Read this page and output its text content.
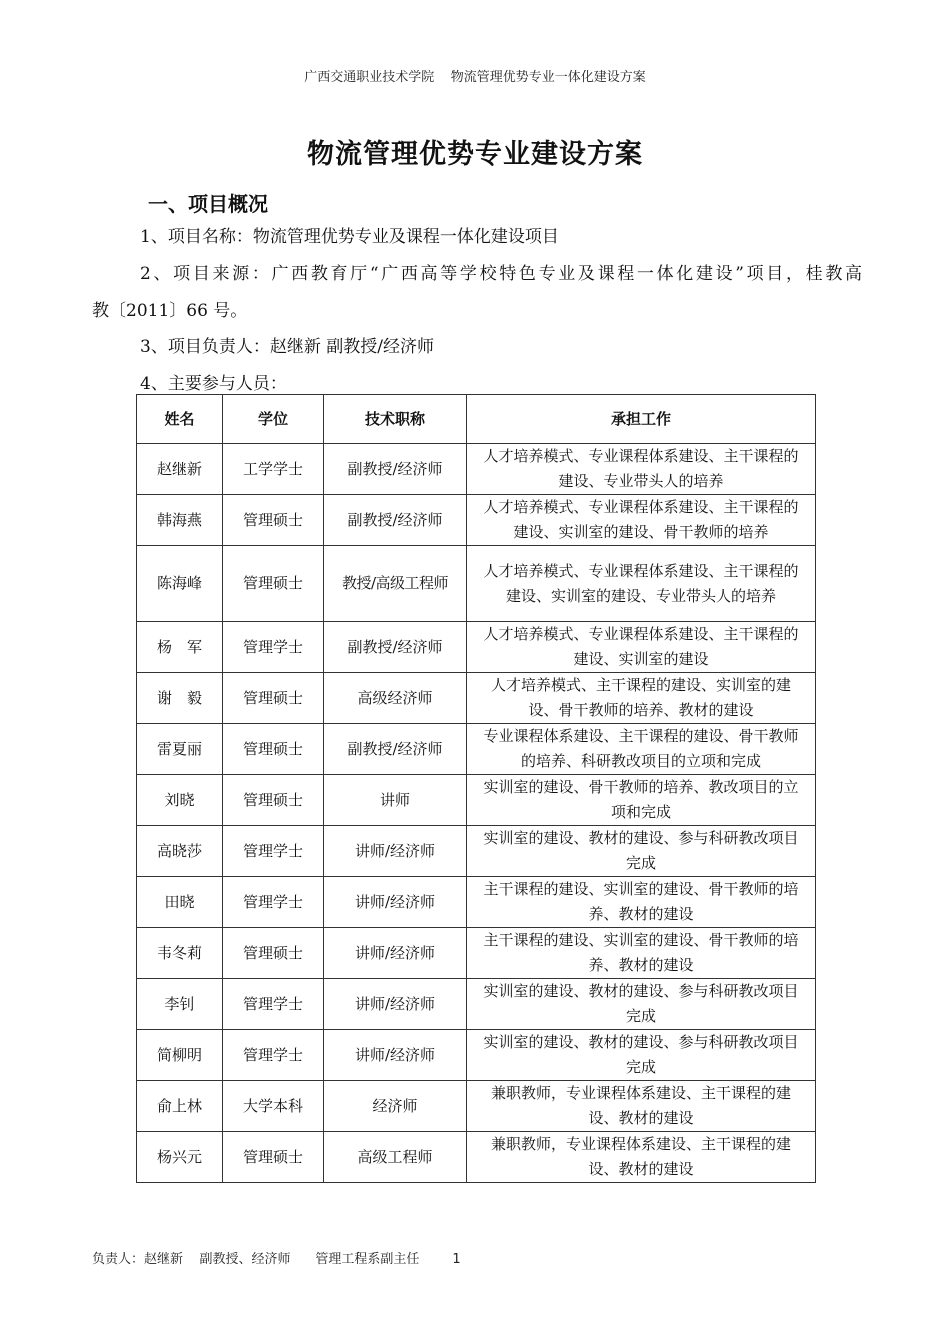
广西交通职业技术学院    物流管理优势专业一体化建设方案
物流管理优势专业建设方案
一、项目概况
1、项目名称：物流管理优势专业及课程一体化建设项目
2、项目来源：广西教育厅“广西高等学校特色专业及课程一体化建设”项目，桂教高
教〔2011〕66 号。
3、项目负责人：赵继新 副教授/经济师
4、主要参与人员：
姓名	学位	技术职称	承担工作
赵继新	工学学士	副教授/经济师	人才培养模式、专业课程体系建设、主干课程的建设、专业带头人的培养
韩海燕	管理硕士	副教授/经济师	人才培养模式、专业课程体系建设、主干课程的建设、实训室的建设、骨干教师的培养
陈海峰	管理硕士	教授/高级工程师	人才培养模式、专业课程体系建设、主干课程的建设、实训室的建设、专业带头人的培养
杨　军	管理学士	副教授/经济师	人才培养模式、专业课程体系建设、主干课程的建设、实训室的建设
谢　毅	管理硕士	高级经济师	人才培养模式、主干课程的建设、实训室的建设、骨干教师的培养、教材的建设
雷夏丽	管理硕士	副教授/经济师	专业课程体系建设、主干课程的建设、骨干教师的培养、科研教改项目的立项和完成
刘晓	管理硕士	讲师	实训室的建设、骨干教师的培养、教改项目的立项和完成
高晓莎	管理学士	讲师/经济师	实训室的建设、教材的建设、参与科研教改项目完成
田晓	管理学士	讲师/经济师	主干课程的建设、实训室的建设、骨干教师的培养、教材的建设
韦冬莉	管理硕士	讲师/经济师	主干课程的建设、实训室的建设、骨干教师的培养、教材的建设
李钊	管理学士	讲师/经济师	实训室的建设、教材的建设、参与科研教改项目完成
简柳明	管理学士	讲师/经济师	实训室的建设、教材的建设、参与科研教改项目完成
俞上林	大学本科	经济师	兼职教师，专业课程体系建设、主干课程的建设、教材的建设
杨兴元	管理硕士	高级工程师	兼职教师，专业课程体系建设、主干课程的建设、教材的建设
负责人：赵继新    副教授、经济师      管理工程系副主任        1
